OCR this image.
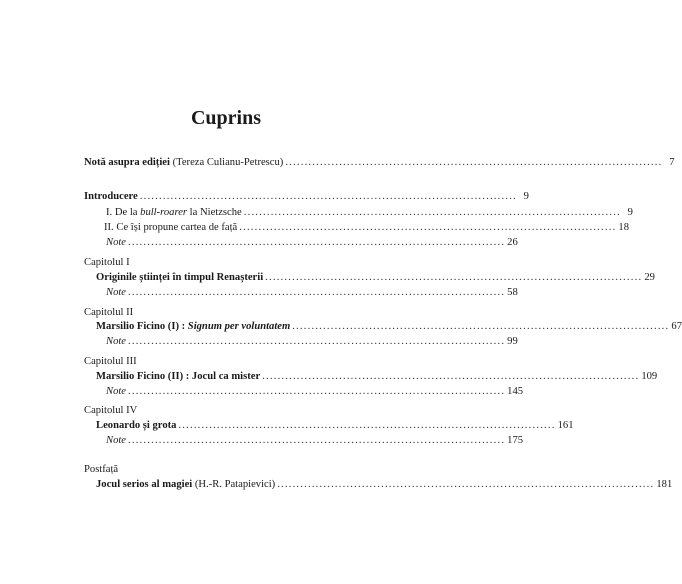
Cuprins
Notă asupra ediției (Tereza Culianu-Petrescu) .................................................................................................. 7
Introducere .................................................................................................. 9
I. De la bull-roarer la Nietzsche .................................................................................................. 9
II. Ce își propune cartea de față .................................................................................................. 18
Note .................................................................................................. 26
Capitolul I
Originile științei în timpul Renașterii .................................................................................................. 29
Note .................................................................................................. 58
Capitolul II
Marsilio Ficino (I) : Signum per voluntatem .................................................................................................. 67
Note .................................................................................................. 99
Capitolul III
Marsilio Ficino (II) : Jocul ca mister .................................................................................................. 109
Note .................................................................................................. 145
Capitolul IV
Leonardo și grota .................................................................................................. 161
Note .................................................................................................. 175
Postfață
Jocul serios al magiei (H.-R. Patapievici) .................................................................................................. 181
